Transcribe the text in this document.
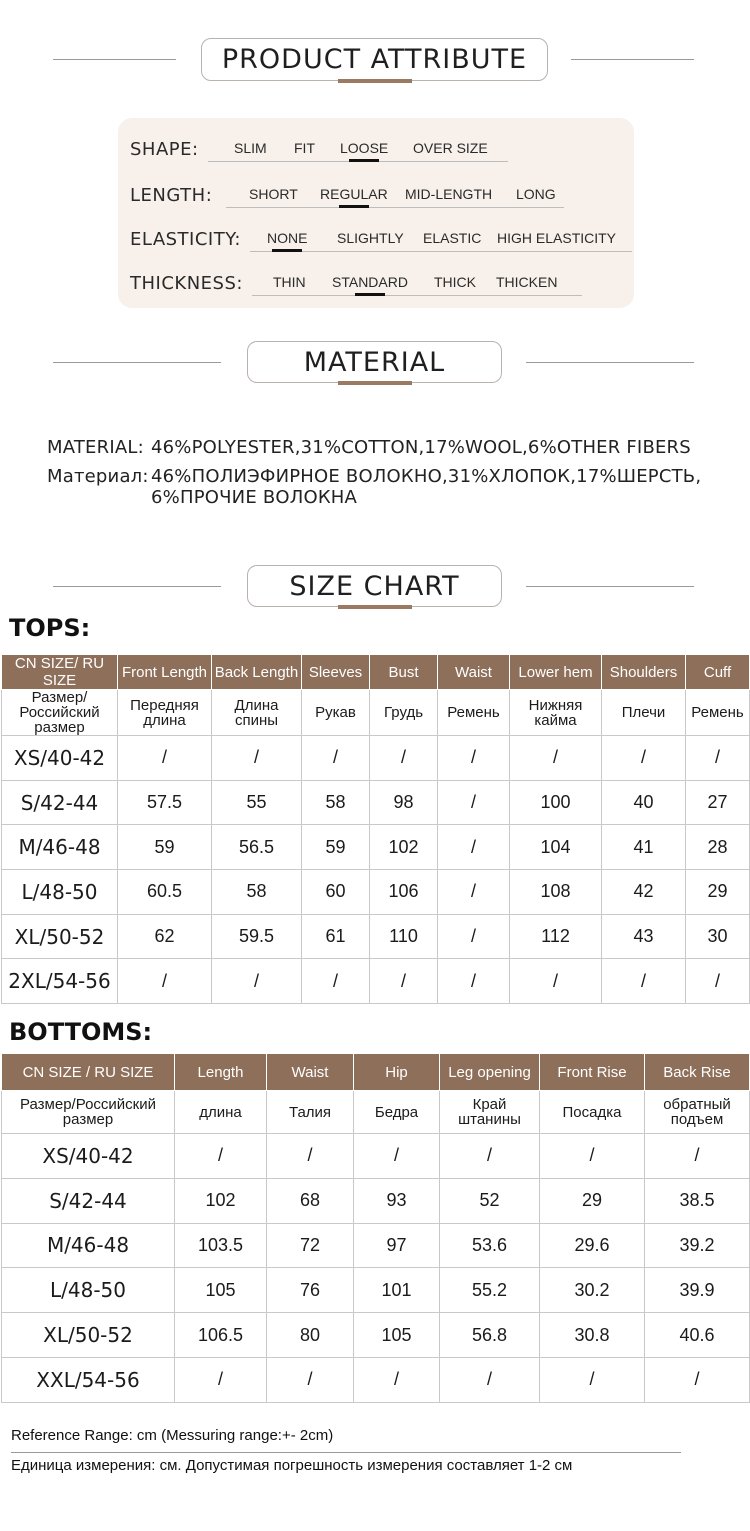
PRODUCT ATTRIBUTE
SHAPE:	SLIM FIT LOOSE OVER SIZE
LENGTH:	SHORT REGULAR MID-LENGTH LONG
ELASTICITY: NONE SLIGHTLY ELASTIC HIGH ELASTICITY
THICKNESS: THIN STANDARD THICK THICKEN
MATERIAL
MATERIAL: 46%POLYESTER,31%COTTON,17%WOOL,6%OTHER FIBERS
Материал: 46%ПОЛИЭФИРНОЕ ВОЛОКНО,31%ХЛОПОК,17%ШЕРСТЬ,
6%ПРОЧИЕ ВОЛОКНА
SIZE CHART
TOPS:
CN SIZE/ RU SIZE	Front Length	Back Length	Sleeves	Bust	Waist	Lower hem	Shoulders	Cuff
Размер/ Российский размер	Передняя длина	Длина спины	Рукав	Грудь	Ремень	Нижняя кайма	Плечи	Ремень
XS/40-42	/	/	/	/	/	/	/	/
S/42-44	57.5	55	58	98	/	100	40	27
M/46-48	59	56.5	59	102	/	104	41	28
L/48-50	60.5	58	60	106	/	108	42	29
XL/50-52	62	59.5	61	110	/	112	43	30
2XL/54-56	/	/	/	/	/	/	/	/
BOTTOMS:
CN SIZE / RU SIZE	Length	Waist	Hip	Leg opening	Front Rise	Back Rise
Размер/Российский размер	длина	Талия	Бедра	Край штанины	Посадка	обратный подъем
XS/40-42	/	/	/	/	/	/
S/42-44	102	68	93	52	29	38.5
M/46-48	103.5	72	97	53.6	29.6	39.2
L/48-50	105	76	101	55.2	30.2	39.9
XL/50-52	106.5	80	105	56.8	30.8	40.6
XXL/54-56	/	/	/	/	/	/
Reference Range: cm (Messuring range:+- 2cm)
Единица измерения: см. Допустимая погрешность измерения составляет 1-2 см
